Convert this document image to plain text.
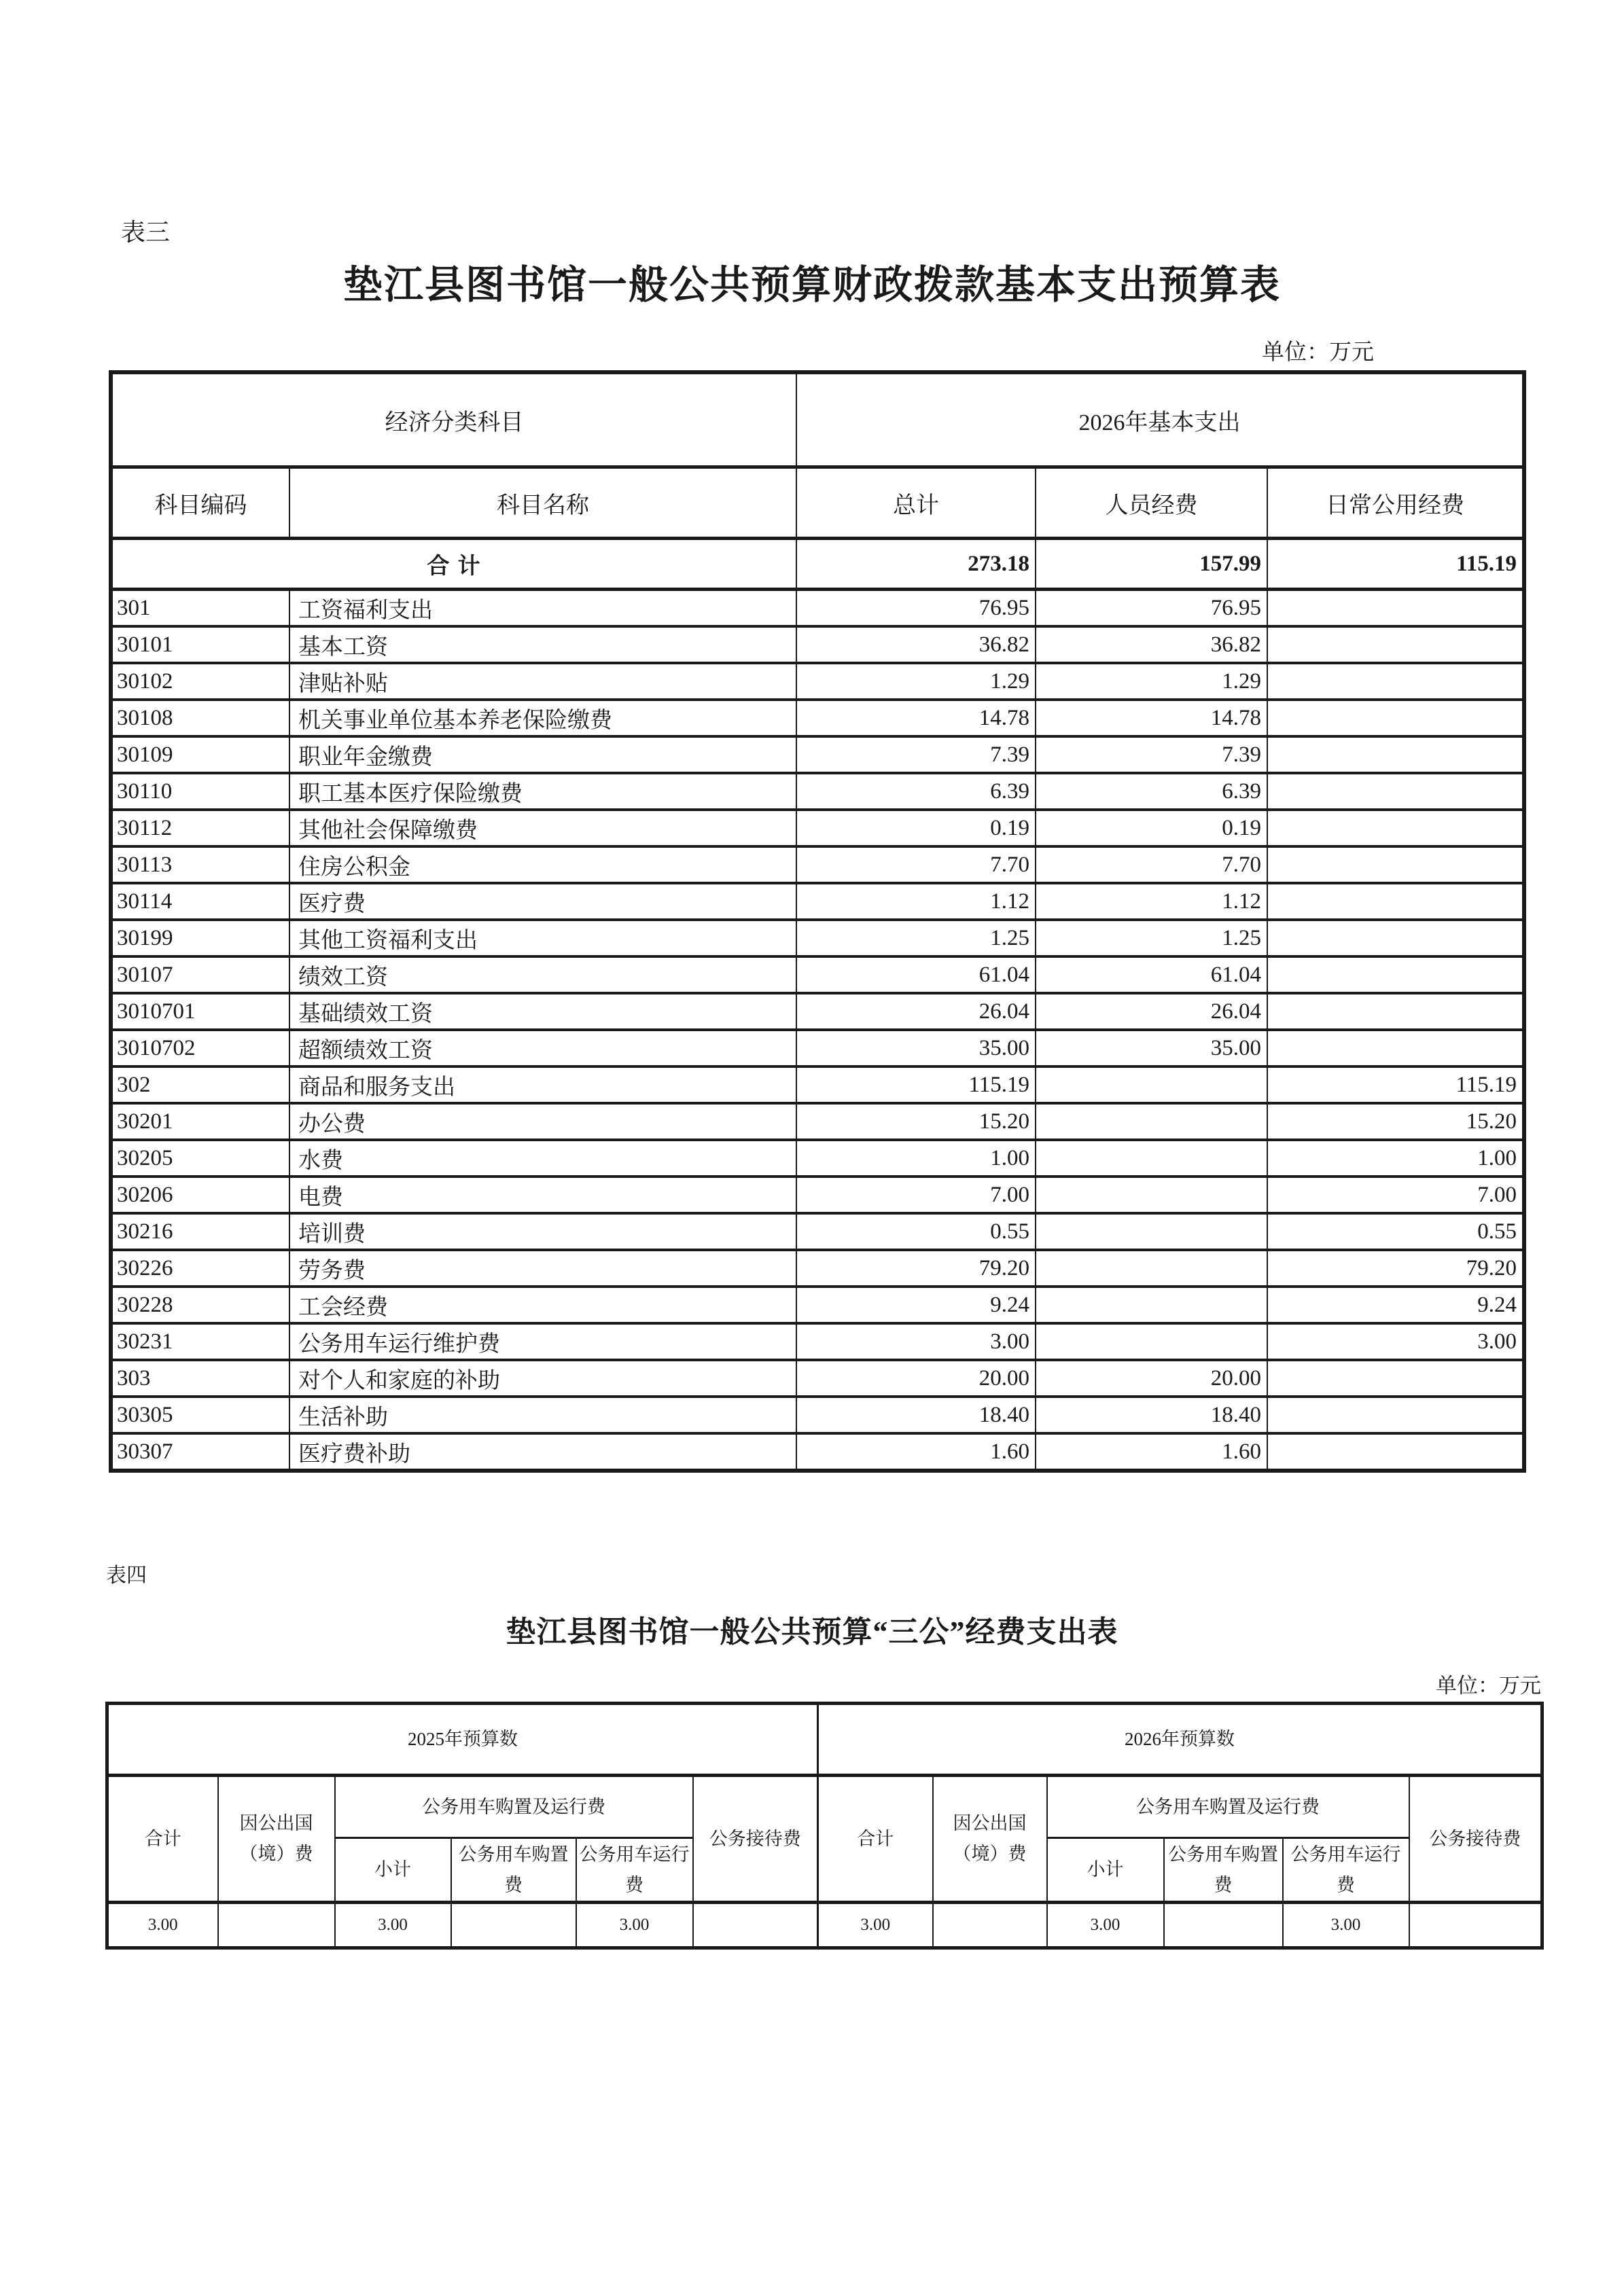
表三
垫江县图书馆一般公共预算财政拨款基本支出预算表
单位：万元
经济分类科目		2026年基本支出		
科目编码	科目名称	总计	人员经费	日常公用经费
合 计		273.18	157.99	115.19
301	工资福利支出	76.95	76.95	
30101	基本工资	36.82	36.82	
30102	津贴补贴	1.29	1.29	
30108	机关事业单位基本养老保险缴费	14.78	14.78	
30109	职业年金缴费	7.39	7.39	
30110	职工基本医疗保险缴费	6.39	6.39	
30112	其他社会保障缴费	0.19	0.19	
30113	住房公积金	7.70	7.70	
30114	医疗费	1.12	1.12	
30199	其他工资福利支出	1.25	1.25	
30107	绩效工资	61.04	61.04	
3010701	基础绩效工资	26.04	26.04	
3010702	超额绩效工资	35.00	35.00	
302	商品和服务支出	115.19		115.19
30201	办公费	15.20		15.20
30205	水费	1.00		1.00
30206	电费	7.00		7.00
30216	培训费	0.55		0.55
30226	劳务费	79.20		79.20
30228	工会经费	9.24		9.24
30231	公务用车运行维护费	3.00		3.00
303	对个人和家庭的补助	20.00	20.00	
30305	生活补助	18.40	18.40	
30307	医疗费补助	1.60	1.60	
表四
垫江县图书馆一般公共预算“三公”经费支出表
单位：万元
2025年预算数						2026年预算数					
合计	因公出国（境）费	公务用车购置及运行费			公务接待费	合计	因公出国（境）费	公务用车购置及运行费			公务接待费
		小计	公务用车购置费	公务用车运行费				小计	公务用车购置费	公务用车运行费	
3.00		3.00		3.00		3.00		3.00		3.00	
